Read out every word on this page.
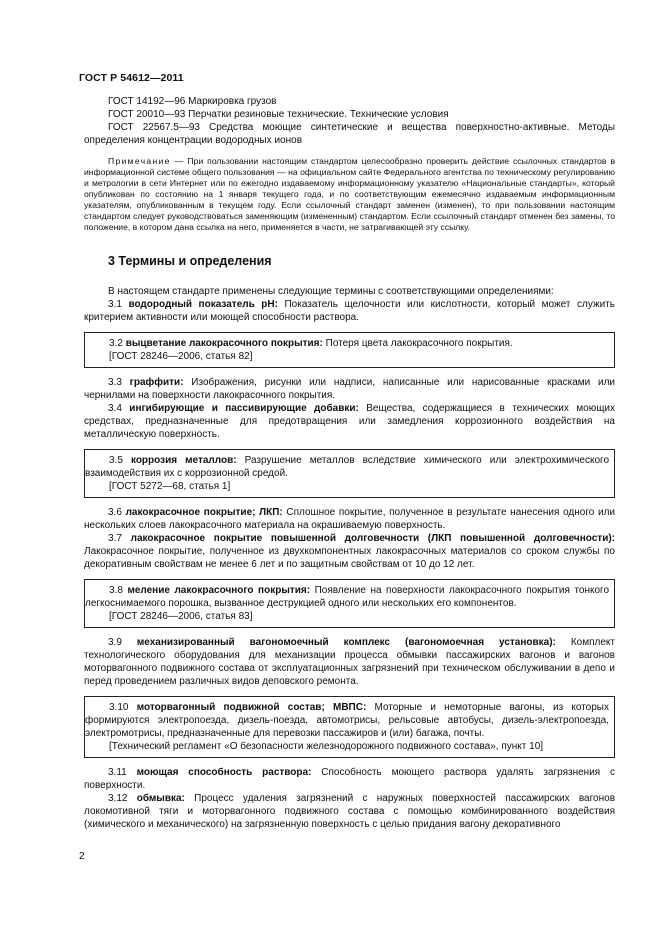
ГОСТ Р 54612—2011

ГОСТ 14192—96 Маркировка грузов

ГОСТ 20010—93 Перчатки резиновые технические. Технические условия

ГОСТ 22567.5—93 Средства моющие синтетические и вещества поверхностно-активные. Методы определения концентрации водородных ионов

Примечание — При пользовании настоящим стандартом целесообразно проверить действие ссылочных стандартов в информационной системе общего пользования — на официальном сайте Федерального агентства по техническому регулированию и метрологии в сети Интернет или по ежегодно издаваемому информационному указателю «Национальные стандарты», который опубликован по состоянию на 1 января текущего года, и по соответствующим ежемесячно издаваемым информационным указателям, опубликованным в текущем году. Если ссылочный стандарт заменен (изменен), то при пользовании настоящим стандартом следует руководствоваться заменяющим (измененным) стандартом. Если ссылочный стандарт отменен без замены, то положение, в котором дана ссылка на него, применяется в части, не затрагивающей эту ссылку.

3 Термины и определения

В настоящем стандарте применены следующие термины с соответствующими определениями:

3.1 водородный показатель pH: Показатель щелочности или кислотности, который может служить критерием активности или моющей способности раствора.

3.2 выцветание лакокрасочного покрытия: Потеря цвета лакокрасочного покрытия.

[ГОСТ 28246—2006, статья 82]

3.3 граффити: Изображения, рисунки или надписи, написанные или нарисованные красками или чернилами на поверхности лакокрасочного покрытия.

3.4 ингибирующие и пассивирующие добавки: Вещества, содержащиеся в технических моющих средствах, предназначенные для предотвращения или замедления коррозионного воздействия на металлическую поверхность.

3.5 коррозия металлов: Разрушение металлов вследствие химического или электрохимического взаимодействия их с коррозионной средой.

[ГОСТ 5272—68, статья 1]

3.6 лакокрасочное покрытие; ЛКП: Сплошное покрытие, полученное в результате нанесения одного или нескольких слоев лакокрасочного материала на окрашиваемую поверхность.

3.7 лакокрасочное покрытие повышенной долговечности (ЛКП повышенной долговечности): Лакокрасочное покрытие, полученное из двухкомпонентных лакокрасочных материалов со сроком службы по декоративным свойствам не менее 6 лет и по защитным свойствам от 10 до 12 лет.

3.8 меление лакокрасочного покрытия: Появление на поверхности лакокрасочного покрытия тонкого легкоснимаемого порошка, вызванное деструкцией одного или нескольких его компонентов.

[ГОСТ 28246—2006, статья 83]

3.9 механизированный вагономоечный комплекс (вагономоечная установка): Комплект технологического оборудования для механизации процесса обмывки пассажирских вагонов и вагонов моторвагонного подвижного состава от эксплуатационных загрязнений при техническом обслуживании в депо и перед проведением различных видов деповского ремонта.

3.10 моторвагонный подвижной состав; МВПС: Моторные и немоторные вагоны, из которых формируются электропоезда, дизель-поезда, автомотрисы, рельсовые автобусы, дизель-электропоезда, электромотрисы, предназначенные для перевозки пассажиров и (или) багажа, почты.

[Технический регламент «О безопасности железнодорожного подвижного состава», пункт 10]

3.11 моющая способность раствора: Способность моющего раствора удалять загрязнения с поверхности.

3.12 обмывка: Процесс удаления загрязнений с наружных поверхностей пассажирских вагонов локомотивной тяги и моторвагонного подвижного состава с помощью комбинированного воздействия (химического и механического) на загрязненную поверхность с целью придания вагону декоративного

2
